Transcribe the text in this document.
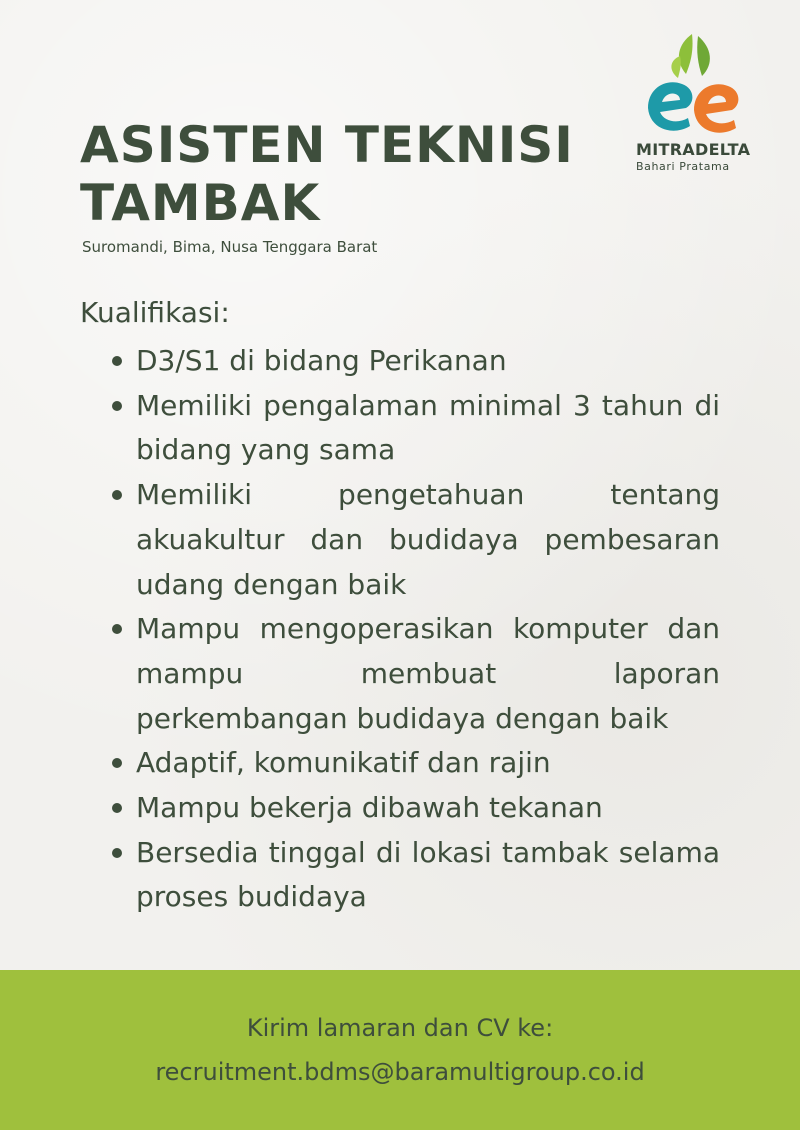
MITRADELTA
Bahari Pratama
ASISTEN TEKNISI
TAMBAK
Suromandi, Bima, Nusa Tenggara Barat
Kualifikasi:
D3/S1 di bidang Perikanan
Memiliki pengalaman minimal 3 tahun di bidang yang sama
Memiliki pengetahuan tentang akuakultur dan budidaya pembesaran udang dengan baik
Mampu mengoperasikan komputer dan mampu membuat laporan perkembangan budidaya dengan baik
Adaptif, komunikatif dan rajin
Mampu bekerja dibawah tekanan
Bersedia tinggal di lokasi tambak selama proses budidaya
Kirim lamaran dan CV ke:
recruitment.bdms@baramultigroup.co.id
